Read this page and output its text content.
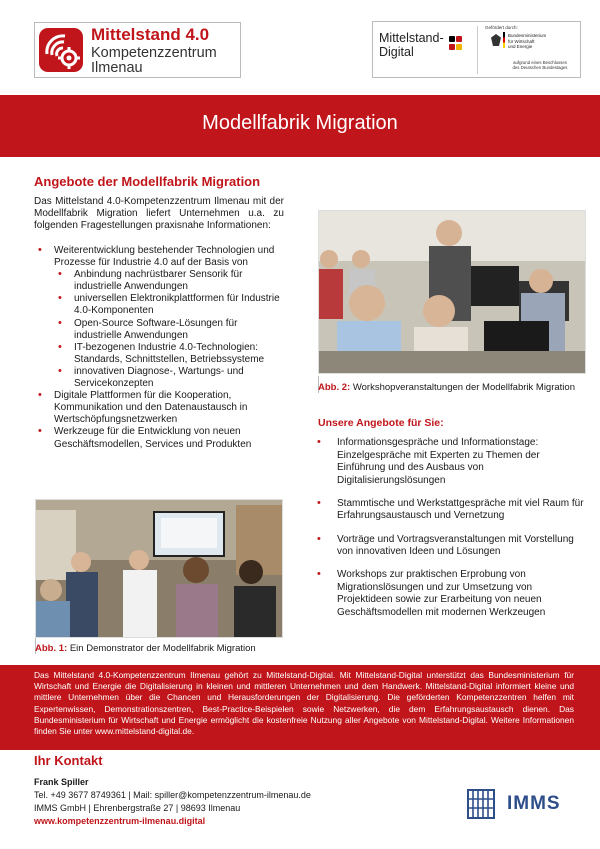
Mittelstand 4.0
Kompetenzzentrum
Ilmenau
Mittelstand-
Digital
Gefördert durch:
Bundesministerium
für Wirtschaft
und Energie
aufgrund eines Beschlusses
des Deutschen Bundestages
Modellfabrik Migration
Angebote der Modellfabrik Migration
Das Mittelstand 4.0-Kompetenzzentrum Ilmenau mit der Modellfabrik Migration liefert Unternehmen u.a. zu folgenden Fragestellungen praxisnahe Informationen:
• Weiterentwicklung bestehender Technologien und Prozesse für Industrie 4.0 auf der Basis von
• Anbindung nachrüstbarer Sensorik für industrielle Anwendungen
• universellen Elektronikplattformen für Industrie 4.0-Komponenten
• Open-Source Software-Lösungen für industrielle Anwendungen
• IT-bezogenen Industrie 4.0-Technologien: Standards, Schnittstellen, Betriebssysteme
• innovativen Diagnose-, Wartungs- und Servicekonzepten
• Digitale Plattformen für die Kooperation, Kommunikation und den Datenaustausch in Wertschöpfungsnetzwerken
• Werkzeuge für die Entwicklung von neuen Geschäftsmodellen, Services und Produkten
Abb. 1: Ein Demonstrator der Modellfabrik Migration
Abb. 2: Workshopveranstaltungen der Modellfabrik Migration
Unsere Angebote für Sie:
• Informationsgespräche und Informationstage: Einzelgespräche mit Experten zu Themen der Einführung und des Ausbaus von Digitalisierungslösungen
• Stammtische und Werkstattgespräche mit viel Raum für Erfahrungsaustausch und Vernetzung
• Vorträge und Vortragsveranstaltungen mit Vorstellung von innovativen Ideen und Lösungen
• Workshops zur praktischen Erprobung von Migrationslösungen und zur Umsetzung von Projektideen sowie zur Erarbeitung von neuen Geschäftsmodellen mit modernen Werkzeugen
Das Mittelstand 4.0-Kompetenzzentrum Ilmenau gehört zu Mittelstand-Digital. Mit Mittelstand-Digital unterstützt das Bundesministerium für Wirtschaft und Energie die Digitalisierung in kleinen und mittleren Unternehmen und dem Handwerk. Mittelstand-Digital informiert kleine und mittlere Unternehmen über die Chancen und Herausforderungen der Digitalisierung. Die geförderten Kompetenzzentren helfen mit Expertenwissen, Demonstrationszentren, Best-Practice-Beispielen sowie Netzwerken, die dem Erfahrungsaustausch dienen. Das Bundesministerium für Wirtschaft und Energie ermöglicht die kostenfreie Nutzung aller Angebote von Mittelstand-Digital. Weitere Informationen finden Sie unter www.mittelstand-digital.de.
Ihr Kontakt
Frank Spiller
Tel. +49 3677 8749361 | Mail: spiller@kompetenzzentrum-ilmenau.de
IMMS GmbH | Ehrenbergstraße 27 | 98693 Ilmenau
www.kompetenzzentrum-ilmenau.digital
IMMS
